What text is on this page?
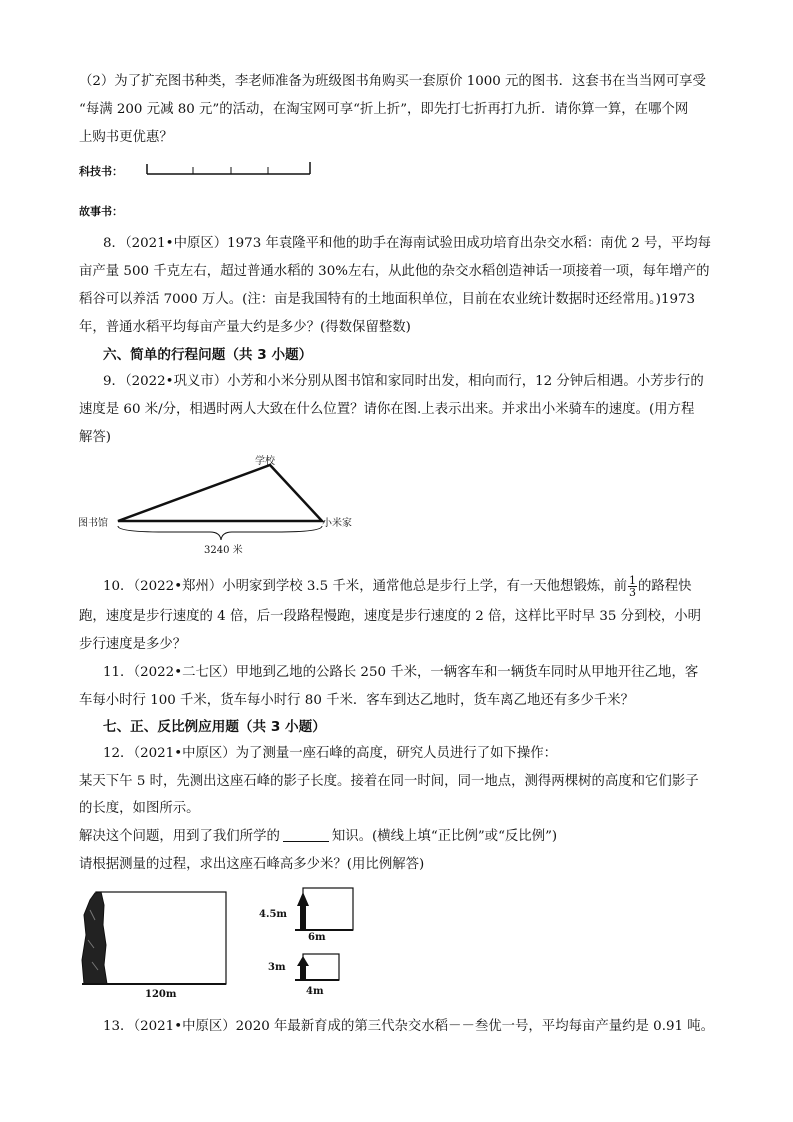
（2）为了扩充图书种类，李老师准备为班级图书角购买一套原价 1000 元的图书．这套书在当当网可享受
“每满 200 元减 80 元”的活动，在淘宝网可享“折上折”，即先打七折再打九折．请你算一算，在哪个网
上购书更优惠？
科技书：
故事书：
8．（2021•中原区）1973 年袁隆平和他的助手在海南试验田成功培育出杂交水稻：南优 2 号，平均每
亩产量 500 千克左右，超过普通水稻的 30%左右，从此他的杂交水稻创造神话一项接着一项，每年增产的
稻谷可以养活 7000 万人。(注：亩是我国特有的土地面积单位，目前在农业统计数据时还经常用。)1973
年，普通水稻平均每亩产量大约是多少？(得数保留整数)
六、简单的行程问题（共 3 小题）
9．（2022•巩义市）小芳和小米分别从图书馆和家同时出发，相向而行，12 分钟后相遇。小芳步行的
速度是 60 米/分，相遇时两人大致在什么位置？请你在图.上表示出来。并求出小米骑车的速度。(用方程
解答)
学校
图书馆	小米家
3240 米
10．（2022•郑州）小明家到学校 3.5 千米，通常他总是步行上学，有一天他想锻炼，前 $\frac{1}{3}$ 的路程快
跑，速度是步行速度的 4 倍，后一段路程慢跑，速度是步行速度的 2 倍，这样比平时早 35 分到校，小明
步行速度是多少？
11．（2022•二七区）甲地到乙地的公路长 250 千米，一辆客车和一辆货车同时从甲地开往乙地，客
车每小时行 100 千米，货车每小时行 80 千米．客车到达乙地时，货车离乙地还有多少千米？
七、正、反比例应用题（共 3 小题）
12．（2021•中原区）为了测量一座石峰的高度，研究人员进行了如下操作：
某天下午 5 时，先测出这座石峰的影子长度。接着在同一时间，同一地点，测得两棵树的高度和它们影子
的长度，如图所示。
解决这个问题，用到了我们所学的	知识。(横线上填“正比例”或“反比例”)
请根据测量的过程，求出这座石峰高多少米？(用比例解答)
120m
4.5m
6m
3m
4m
13．（2021•中原区）2020 年最新育成的第三代杂交水稻－－叁优一号，平均每亩产量约是 0.91 吨。
